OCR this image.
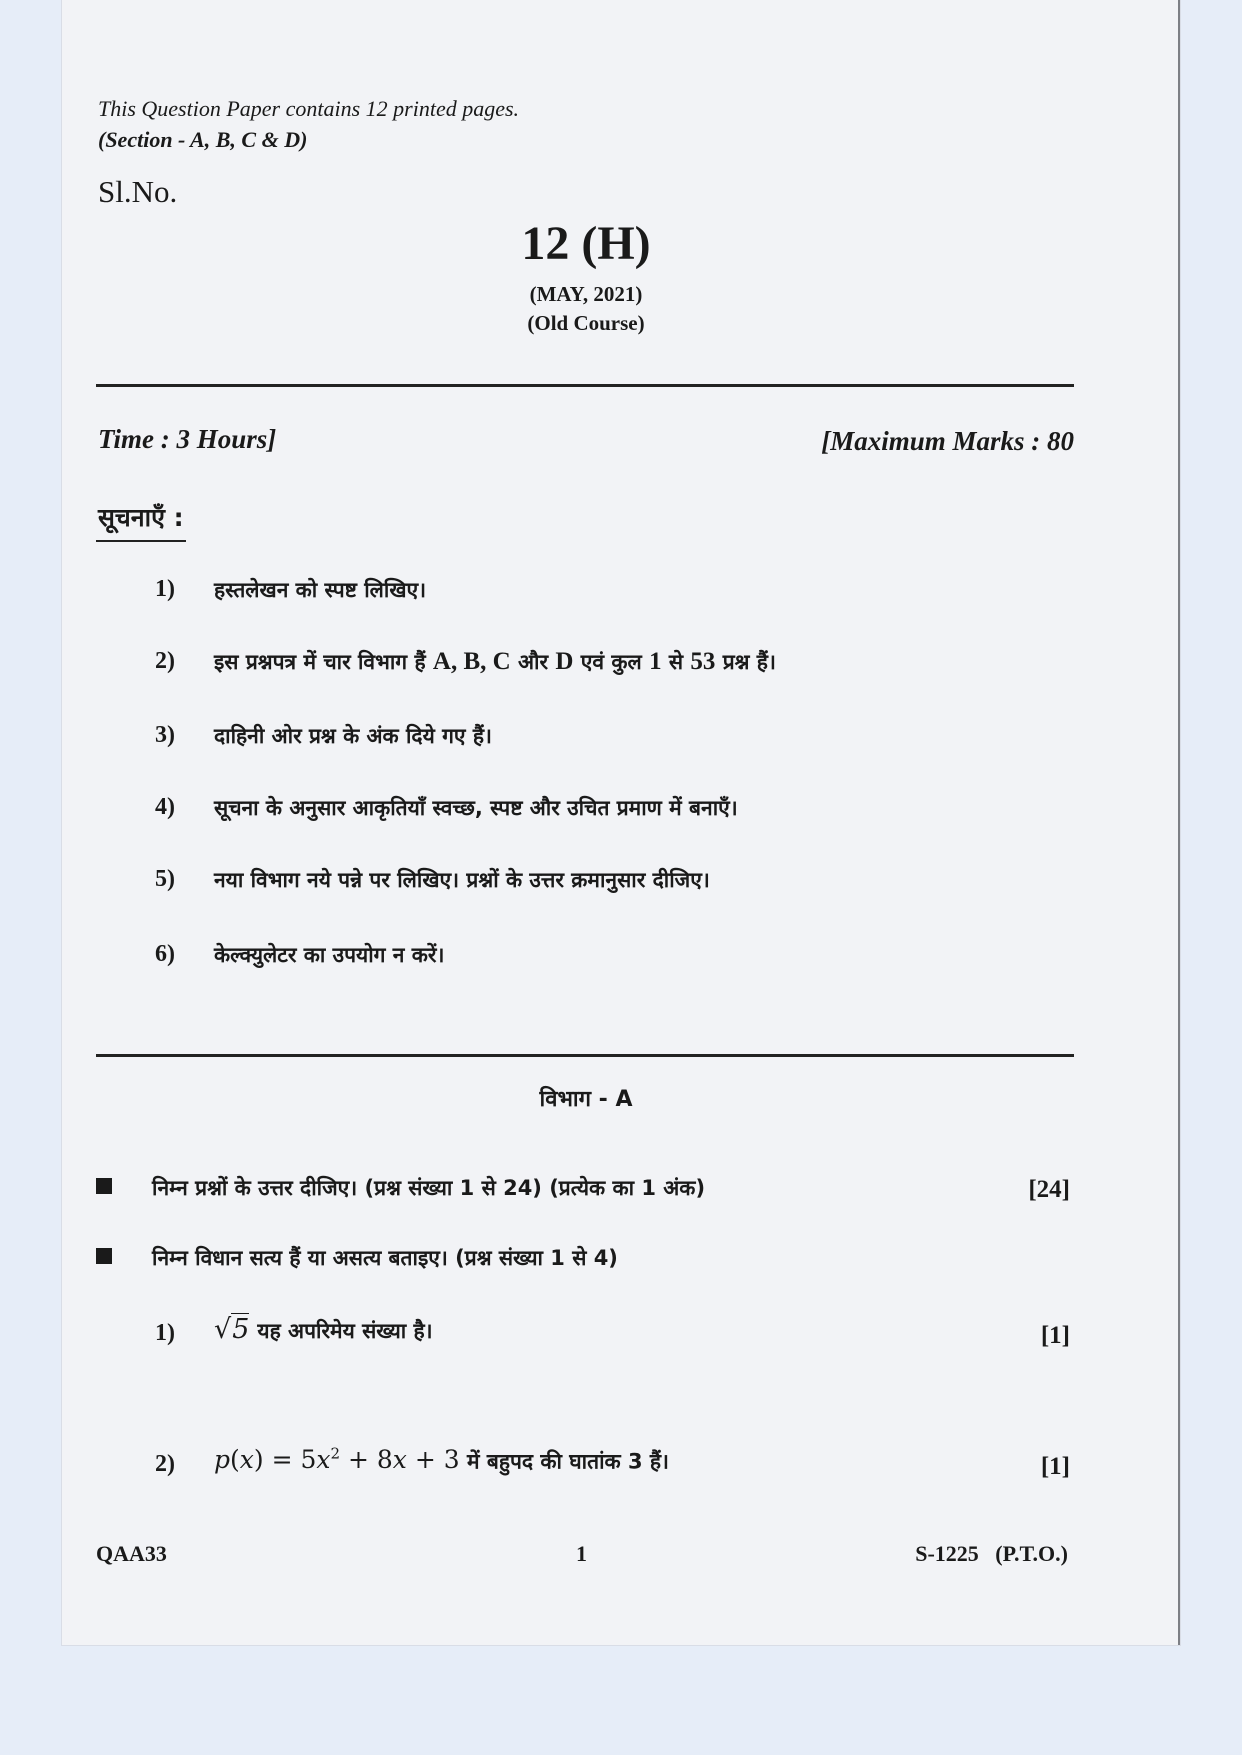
This Question Paper contains 12 printed pages.
(Section - A, B, C & D)
Sl.No.
12 (H)
(MAY, 2021)
(Old Course)
Time : 3 Hours]	[Maximum Marks : 80
सूचनाएँ :
1) हस्तलेखन को स्पष्ट लिखिए।
2) इस प्रश्नपत्र में चार विभाग हैं A, B, C और D एवं कुल 1 से 53 प्रश्न हैं।
3) दाहिनी ओर प्रश्न के अंक दिये गए हैं।
4) सूचना के अनुसार आकृतियाँ स्वच्छ, स्पष्ट और उचित प्रमाण में बनाएँ।
5) नया विभाग नये पन्ने पर लिखिए। प्रश्नों के उत्तर क्रमानुसार दीजिए।
6) केल्क्युलेटर का उपयोग न करें।
विभाग - A
निम्न प्रश्नों के उत्तर दीजिए। (प्रश्न संख्या 1 से 24) (प्रत्येक का 1 अंक)	[24]
निम्न विधान सत्य हैं या असत्य बताइए। (प्रश्न संख्या 1 से 4)
1) √5 यह अपरिमेय संख्या है।	[1]
2) $p(x) = 5x^2 + 8x + 3$ में बहुपद की घातांक 3 हैं।	[1]
QAA33	1	S-1225   (P.T.O.)
